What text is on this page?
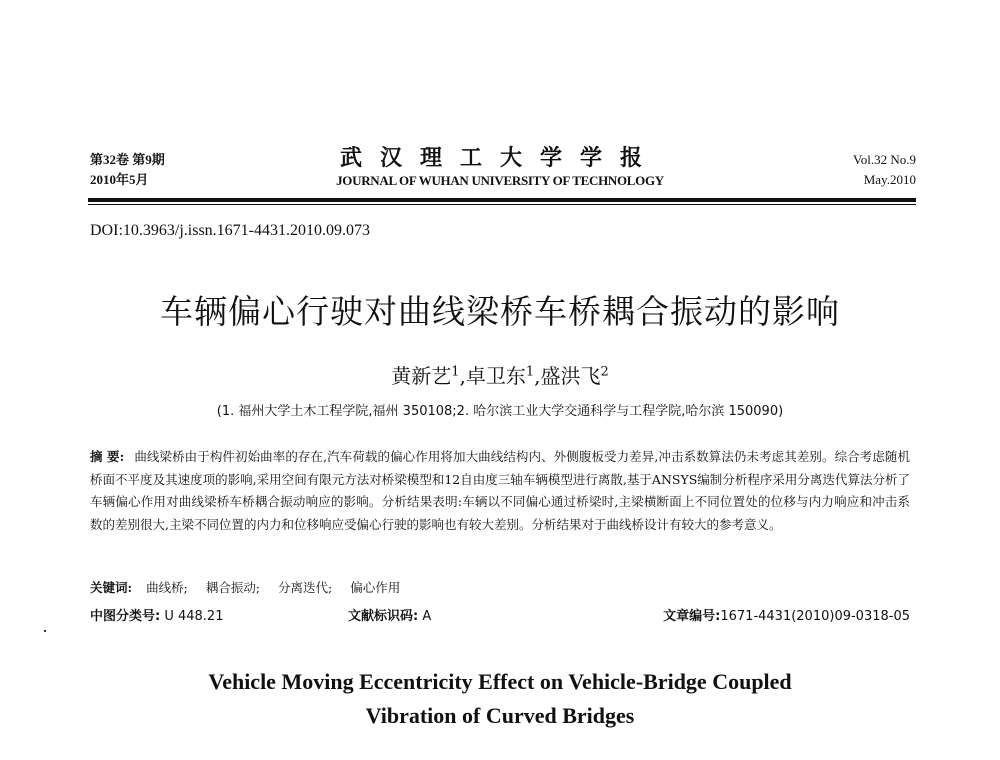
第32卷 第9期
2010年5月
武汉理工大学学报
JOURNAL OF WUHAN UNIVERSITY OF TECHNOLOGY
Vol.32 No.9
May.2010
DOI:10.3963/j.issn.1671-4431.2010.09.073
车辆偏心行驶对曲线梁桥车桥耦合振动的影响
黄新艺$^1$,卓卫东$^1$,盛洪飞$^2$
(1. 福州大学土木工程学院,福州 350108;2. 哈尔滨工业大学交通科学与工程学院,哈尔滨 150090)
摘 要: 曲线梁桥由于构件初始曲率的存在,汽车荷载的偏心作用将加大曲线结构内、外侧腹板受力差异,冲击系数算法仍未考虑其差别。综合考虑随机桥面不平度及其速度项的影响,采用空间有限元方法对桥梁模型和12自由度三轴车辆模型进行离散,基于ANSYS编制分析程序采用分离迭代算法分析了车辆偏心作用对曲线梁桥车桥耦合振动响应的影响。分析结果表明:车辆以不同偏心通过桥梁时,主梁横断面上不同位置处的位移与内力响应和冲击系数的差别很大,主梁不同位置的内力和位移响应受偏心行驶的影响也有较大差别。分析结果对于曲线桥设计有较大的参考意义。
关键词: 曲线桥; 耦合振动; 分离迭代; 偏心作用
中图分类号: U 448.21	文献标识码: A	文章编号:1671-4431(2010)09-0318-05
Vehicle Moving Eccentricity Effect on Vehicle-Bridge Coupled
Vibration of Curved Bridges
